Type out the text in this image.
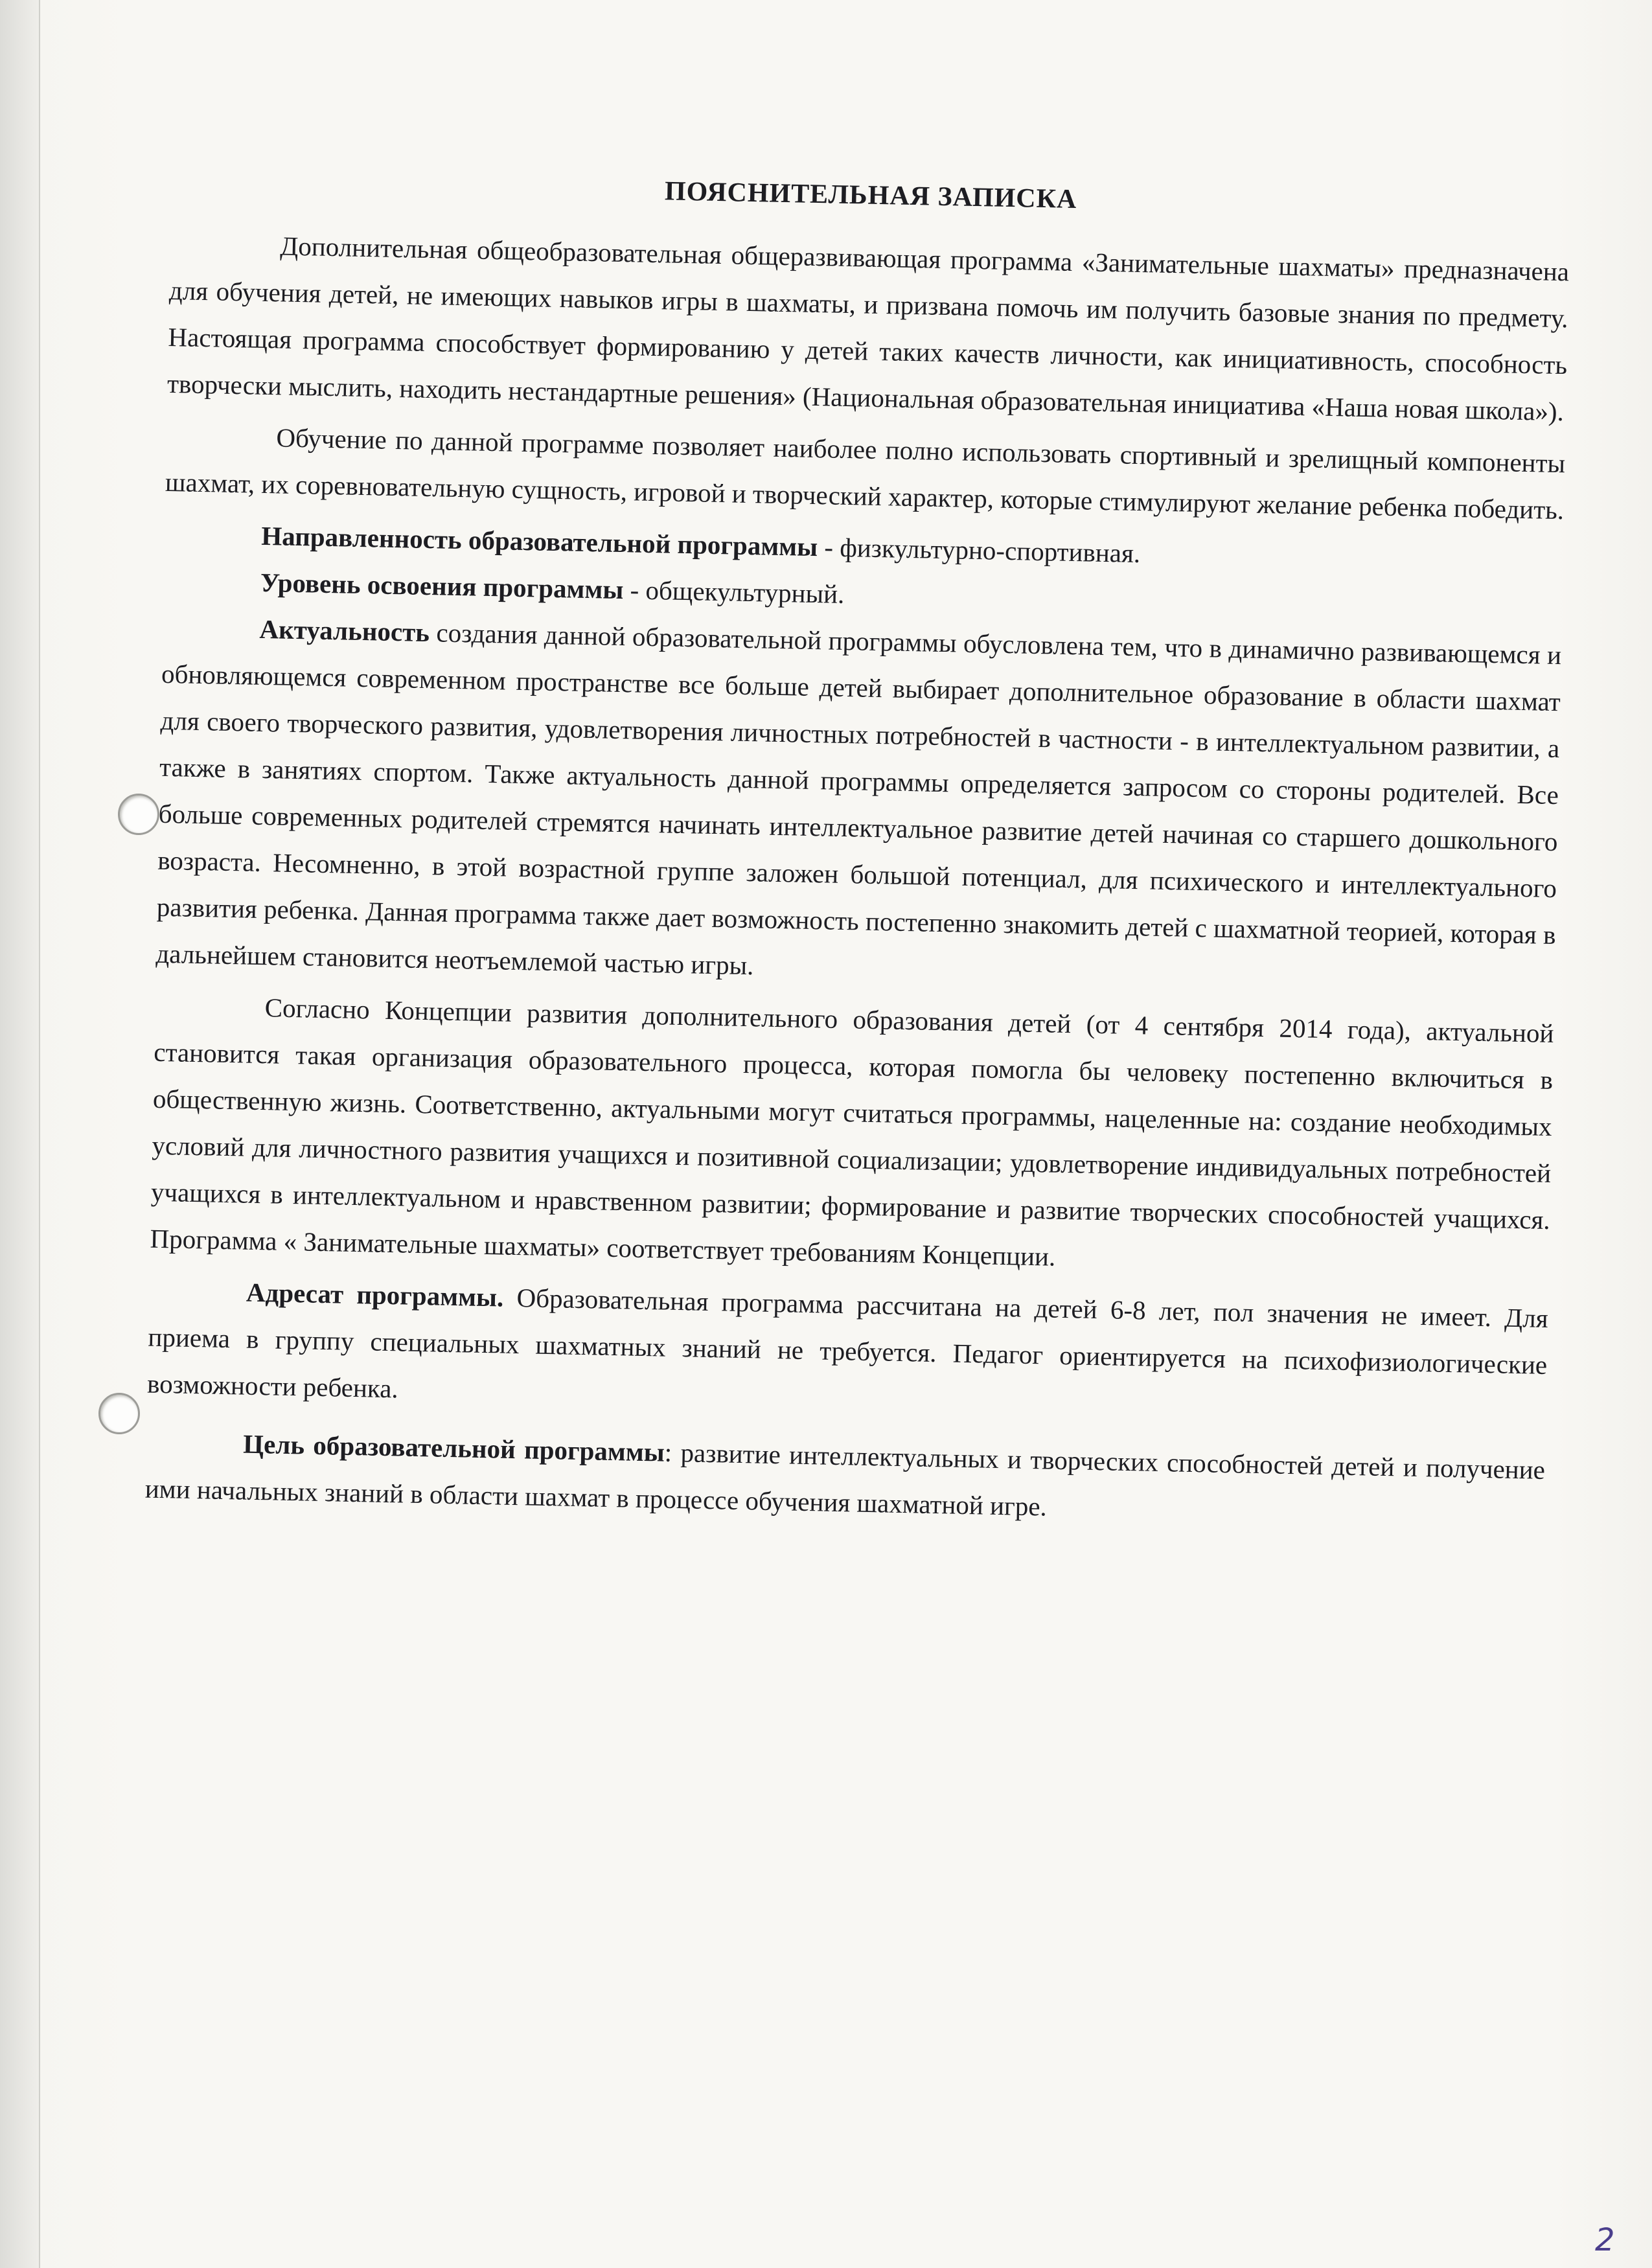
ПОЯСНИТЕЛЬНАЯ ЗАПИСКА

Дополнительная общеобразовательная общеразвивающая программа «Занимательные шахматы» предназначена для обучения детей, не имеющих навыков игры в шахматы, и призвана помочь им получить базовые знания по предмету. Настоящая программа способствует формированию у детей таких качеств личности, как инициативность, способность творчески мыслить, находить нестандартные решения» (Национальная образовательная инициатива «Наша новая школа»).

Обучение по данной программе позволяет наиболее полно использовать спортивный и зрелищный компоненты шахмат, их соревновательную сущность, игровой и творческий характер, которые стимулируют желание ребенка победить.

Направленность образовательной программы - физкультурно-спортивная.

Уровень освоения программы - общекультурный.

Актуальность создания данной образовательной программы обусловлена тем, что в динамично развивающемся и обновляющемся современном пространстве все больше детей выбирает дополнительное образование в области шахмат для своего творческого развития, удовлетворения личностных потребностей в частности - в интеллектуальном развитии, а также в занятиях спортом. Также актуальность данной программы определяется запросом со стороны родителей. Все больше современных родителей стремятся начинать интеллектуальное развитие детей начиная со старшего дошкольного возраста. Несомненно, в этой возрастной группе заложен большой потенциал, для психического и интеллектуального развития ребенка. Данная программа также дает возможность постепенно знакомить детей с шахматной теорией, которая в дальнейшем становится неотъемлемой частью игры.

Согласно Концепции развития дополнительного образования детей (от 4 сентября 2014 года), актуальной становится такая организация образовательного процесса, которая помогла бы человеку постепенно включиться в общественную жизнь. Соответственно, актуальными могут считаться программы, нацеленные на: создание необходимых условий для личностного развития учащихся и позитивной социализации; удовлетворение индивидуальных потребностей учащихся в интеллектуальном и нравственном развитии; формирование и развитие творческих способностей учащихся. Программа « Занимательные шахматы» соответствует требованиям Концепции.

Адресат программы. Образовательная программа рассчитана на детей 6-8 лет, пол значения не имеет. Для приема в группу специальных шахматных знаний не требуется. Педагог ориентируется на психофизиологические возможности ребенка.

Цель образовательной программы: развитие интеллектуальных и творческих способностей детей и получение ими начальных знаний в области шахмат в процессе обучения шахматной игре.

2
